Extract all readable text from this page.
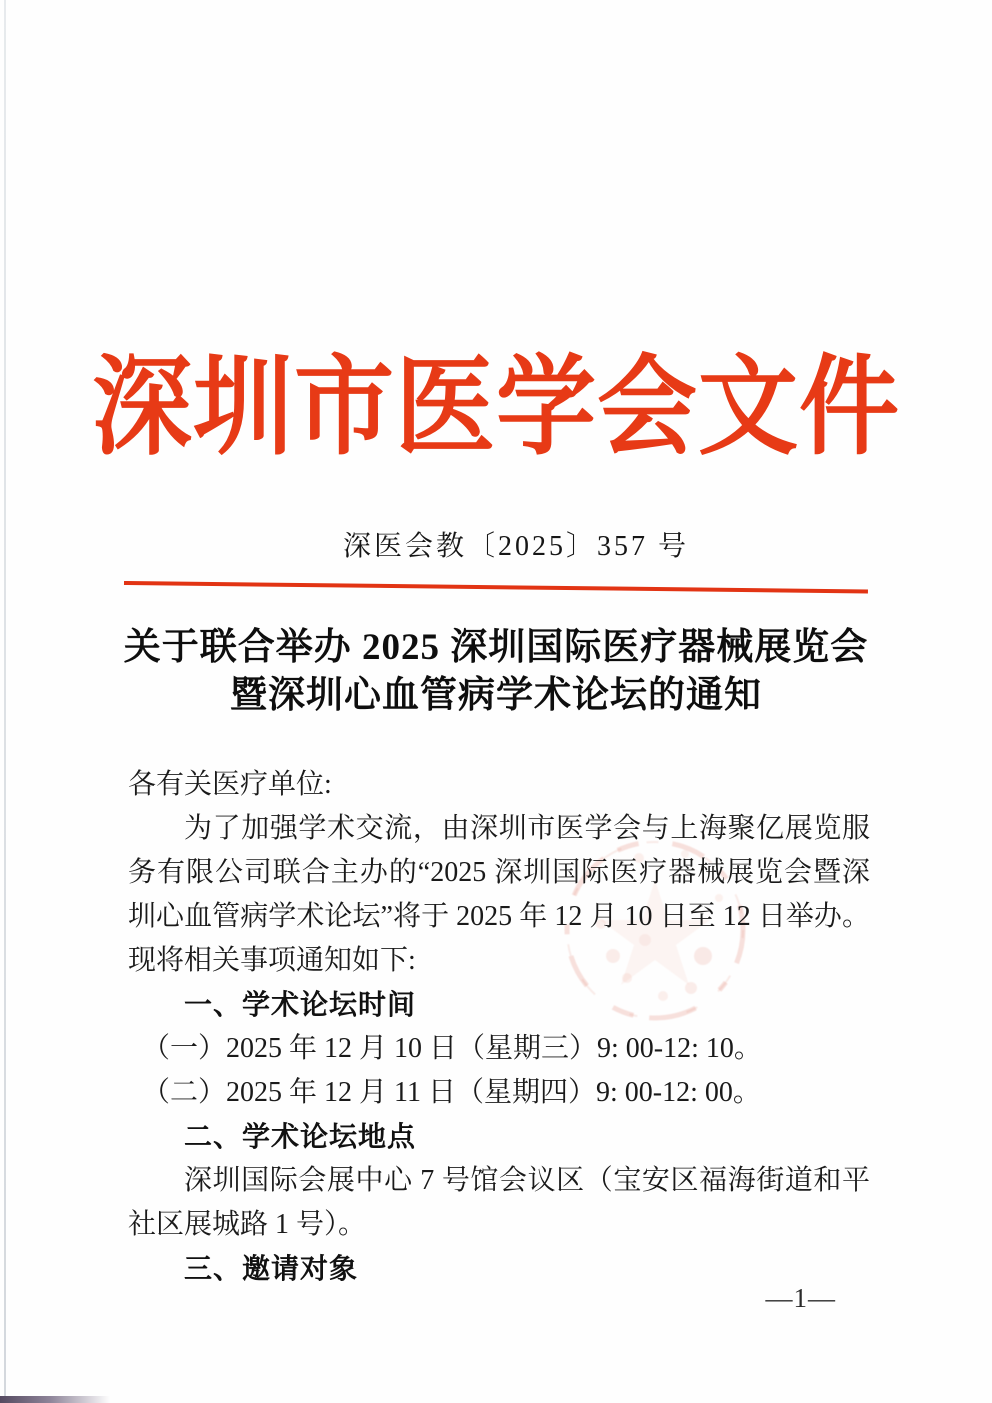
深圳市医学会文件
深医会教〔2025〕357 号
关于联合举办 2025 深圳国际医疗器械展览会
暨深圳心血管病学术论坛的通知

各有关医疗单位:

为了加强学术交流，由深圳市医学会与上海聚亿展览服务有限公司联合主办的“2025 深圳国际医疗器械展览会暨深圳心血管病学术论坛”将于 2025 年 12 月 10 日至 12 日举办。现将相关事项通知如下:

一、学术论坛时间

（一）2025 年 12 月 10 日（星期三）9: 00-12: 10。

（二）2025 年 12 月 11 日（星期四）9: 00-12: 00。

二、学术论坛地点

深圳国际会展中心 7 号馆会议区（宝安区福海街道和平社区展城路 1 号）。

三、邀请对象

—1—
